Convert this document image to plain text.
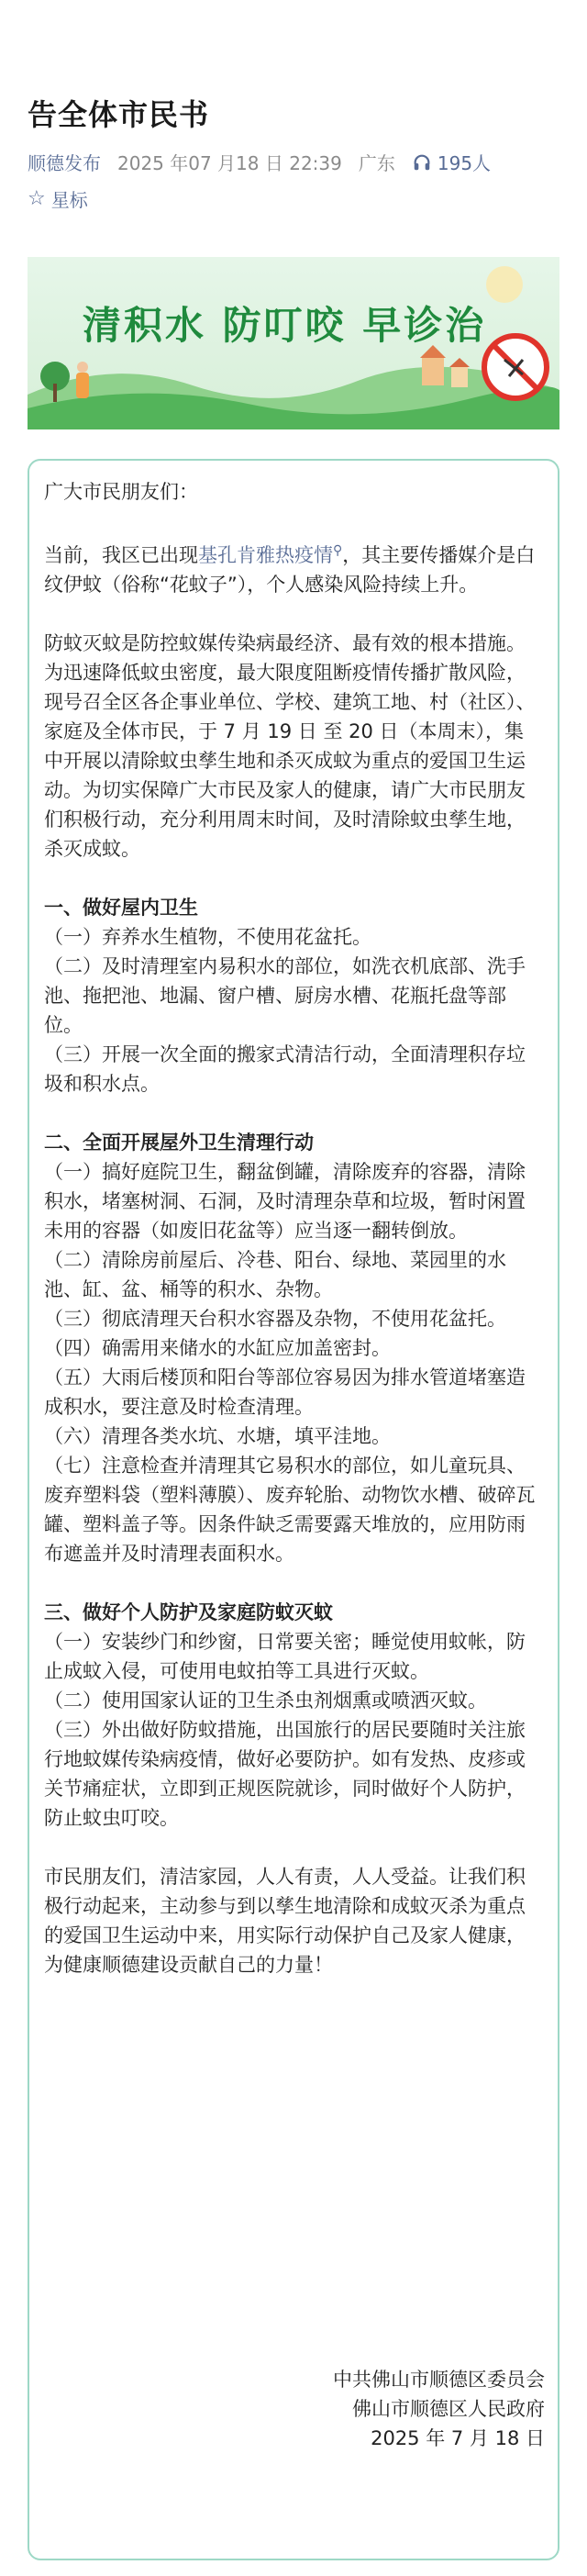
告全体市民书
顺德发布 2025 年07 月18 日 22:39 广东 195人
☆ 星标
清积水 防叮咬 早诊治

广大市民朋友们：

当前，我区已出现基孔肯雅热疫情⚲，其主要传播媒介是白纹伊蚊（俗称“花蚊子”），个人感染风险持续上升。

防蚊灭蚊是防控蚊媒传染病最经济、最有效的根本措施。为迅速降低蚊虫密度，最大限度阻断疫情传播扩散风险，现号召全区各企事业单位、学校、建筑工地、村（社区）、家庭及全体市民，于 7 月 19 日 至 20 日（本周末），集中开展以清除蚊虫孳生地和杀灭成蚊为重点的爱国卫生运动。为切实保障广大市民及家人的健康，请广大市民朋友们积极行动，充分利用周末时间，及时清除蚊虫孳生地，杀灭成蚊。

一、做好屋内卫生

（一）弃养水生植物，不使用花盆托。

（二）及时清理室内易积水的部位，如洗衣机底部、洗手池、拖把池、地漏、窗户槽、厨房水槽、花瓶托盘等部位。

（三）开展一次全面的搬家式清洁行动，全面清理积存垃圾和积水点。

二、全面开展屋外卫生清理行动

（一）搞好庭院卫生，翻盆倒罐，清除废弃的容器，清除积水，堵塞树洞、石洞，及时清理杂草和垃圾，暂时闲置未用的容器（如废旧花盆等）应当逐一翻转倒放。

（二）清除房前屋后、冷巷、阳台、绿地、菜园里的水池、缸、盆、桶等的积水、杂物。

（三）彻底清理天台积水容器及杂物，不使用花盆托。

（四）确需用来储水的水缸应加盖密封。

（五）大雨后楼顶和阳台等部位容易因为排水管道堵塞造成积水，要注意及时检查清理。

（六）清理各类水坑、水塘，填平洼地。

（七）注意检查并清理其它易积水的部位，如儿童玩具、废弃塑料袋（塑料薄膜）、废弃轮胎、动物饮水槽、破碎瓦罐、塑料盖子等。因条件缺乏需要露天堆放的，应用防雨布遮盖并及时清理表面积水。

三、做好个人防护及家庭防蚊灭蚊

（一）安装纱门和纱窗，日常要关密；睡觉使用蚊帐，防止成蚊入侵，可使用电蚊拍等工具进行灭蚊。

（二）使用国家认证的卫生杀虫剂烟熏或喷洒灭蚊。

（三）外出做好防蚊措施，出国旅行的居民要随时关注旅行地蚊媒传染病疫情，做好必要防护。如有发热、皮疹或关节痛症状，立即到正规医院就诊，同时做好个人防护，防止蚊虫叮咬。

市民朋友们，清洁家园，人人有责，人人受益。让我们积极行动起来，主动参与到以孳生地清除和成蚊灭杀为重点的爱国卫生运动中来，用实际行动保护自己及家人健康，为健康顺德建设贡献自己的力量！

中共佛山市顺德区委员会

佛山市顺德区人民政府

2025 年 7 月 18 日
